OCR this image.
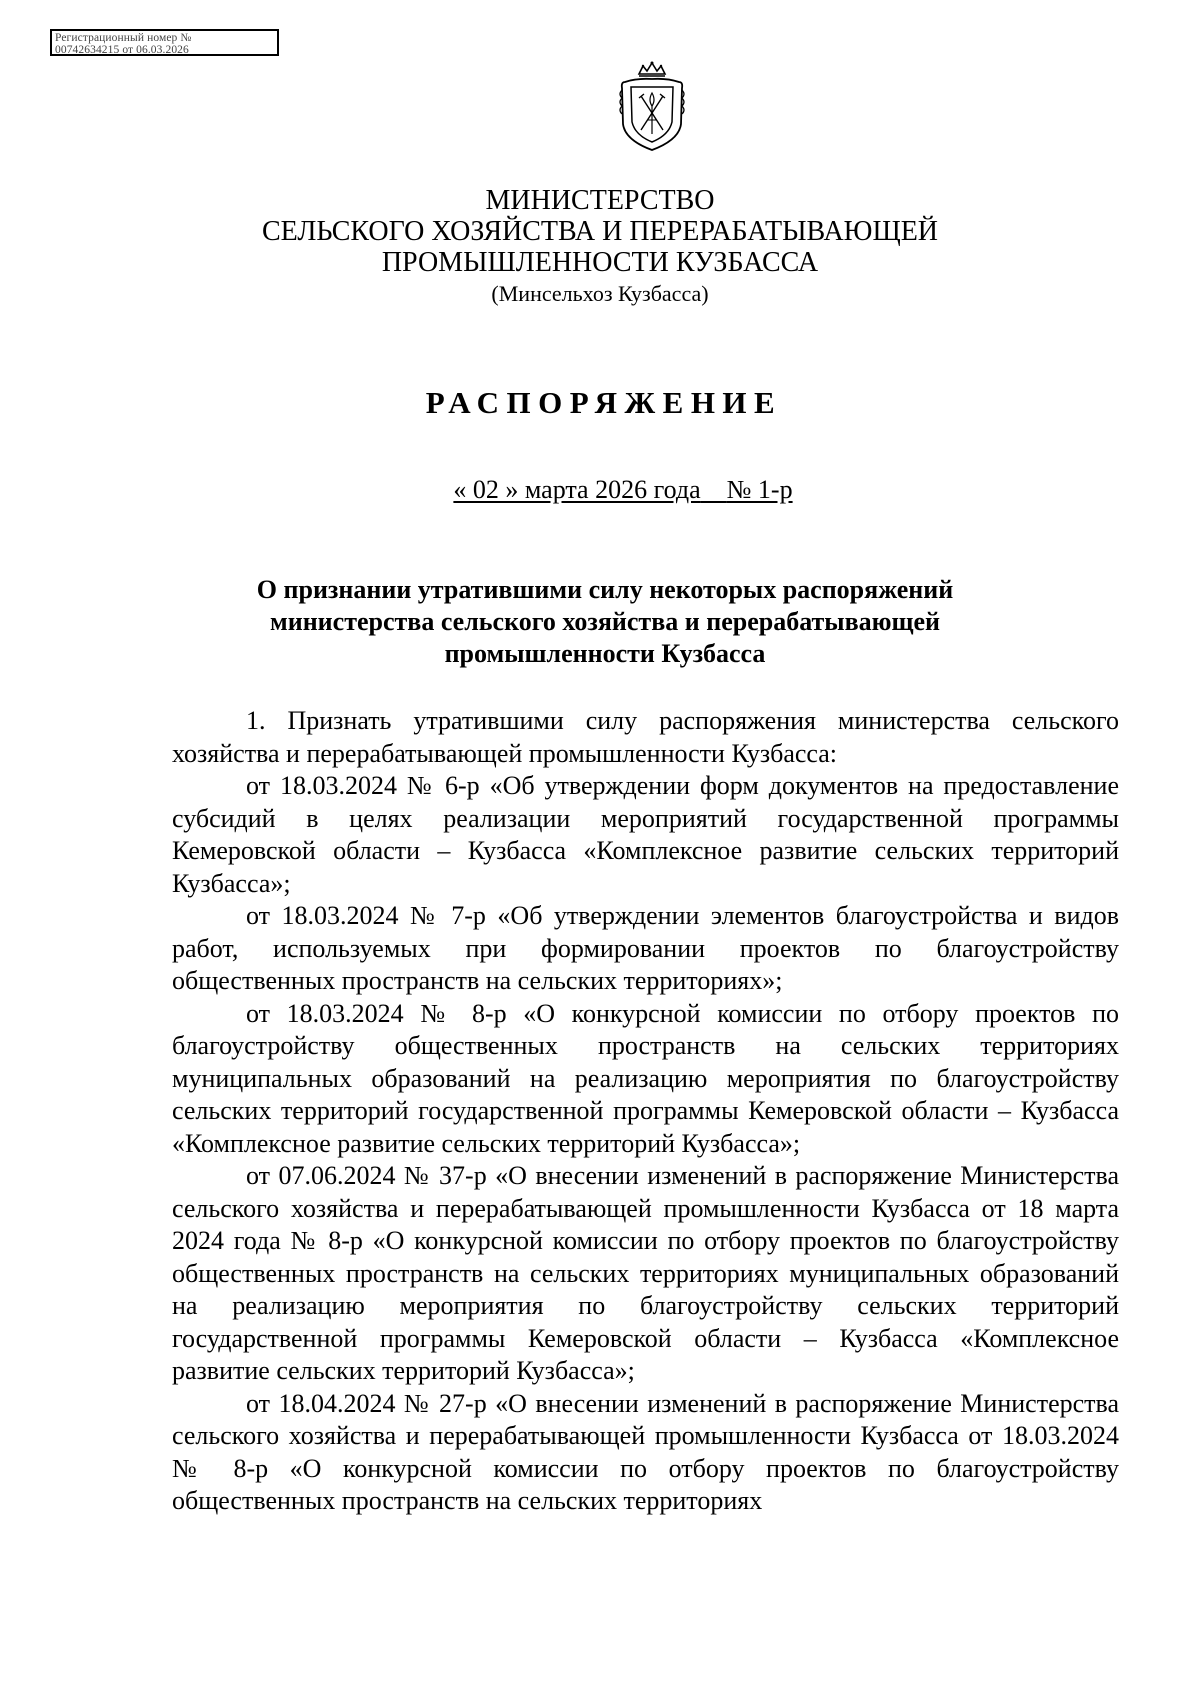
Регистрационный номер №
00742634215 от 06.03.2026
МИНИСТЕРСТВО
СЕЛЬСКОГО ХОЗЯЙСТВА И ПЕРЕРАБАТЫВАЮЩЕЙ
ПРОМЫШЛЕННОСТИ КУЗБАССА
(Минсельхоз Кузбасса)
РАСПОРЯЖЕНИЕ
« 02 » марта 2026 года № 1-р
О признании утратившими силу некоторых распоряжений министерства сельского хозяйства и перерабатывающей промышленности Кузбасса

1. Признать утратившими силу распоряжения министерства сельского хозяйства и перерабатывающей промышленности Кузбасса:

от 18.03.2024 № 6-р «Об утверждении форм документов на предоставление субсидий в целях реализации мероприятий государственной программы Кемеровской области – Кузбасса «Комплексное развитие сельских территорий Кузбасса»;

от 18.03.2024 № 7-р «Об утверждении элементов благоустройства и видов работ, используемых при формировании проектов по благоустройству общественных пространств на сельских территориях»;

от 18.03.2024 № 8-р «О конкурсной комиссии по отбору проектов по благоустройству общественных пространств на сельских территориях муниципальных образований на реализацию мероприятия по благоустройству сельских территорий государственной программы Кемеровской области – Кузбасса «Комплексное развитие сельских территорий Кузбасса»;

от 07.06.2024 № 37-р «О внесении изменений в распоряжение Министерства сельского хозяйства и перерабатывающей промышленности Кузбасса от 18 марта 2024 года № 8-р «О конкурсной комиссии по отбору проектов по благоустройству общественных пространств на сельских территориях муниципальных образований на реализацию мероприятия по благоустройству сельских территорий государственной программы Кемеровской области – Кузбасса «Комплексное развитие сельских территорий Кузбасса»;

от 18.04.2024 № 27-р «О внесении изменений в распоряжение Министерства сельского хозяйства и перерабатывающей промышленности Кузбасса от 18.03.2024 № 8-р «О конкурсной комиссии по отбору проектов по благоустройству общественных пространств на сельских территориях
